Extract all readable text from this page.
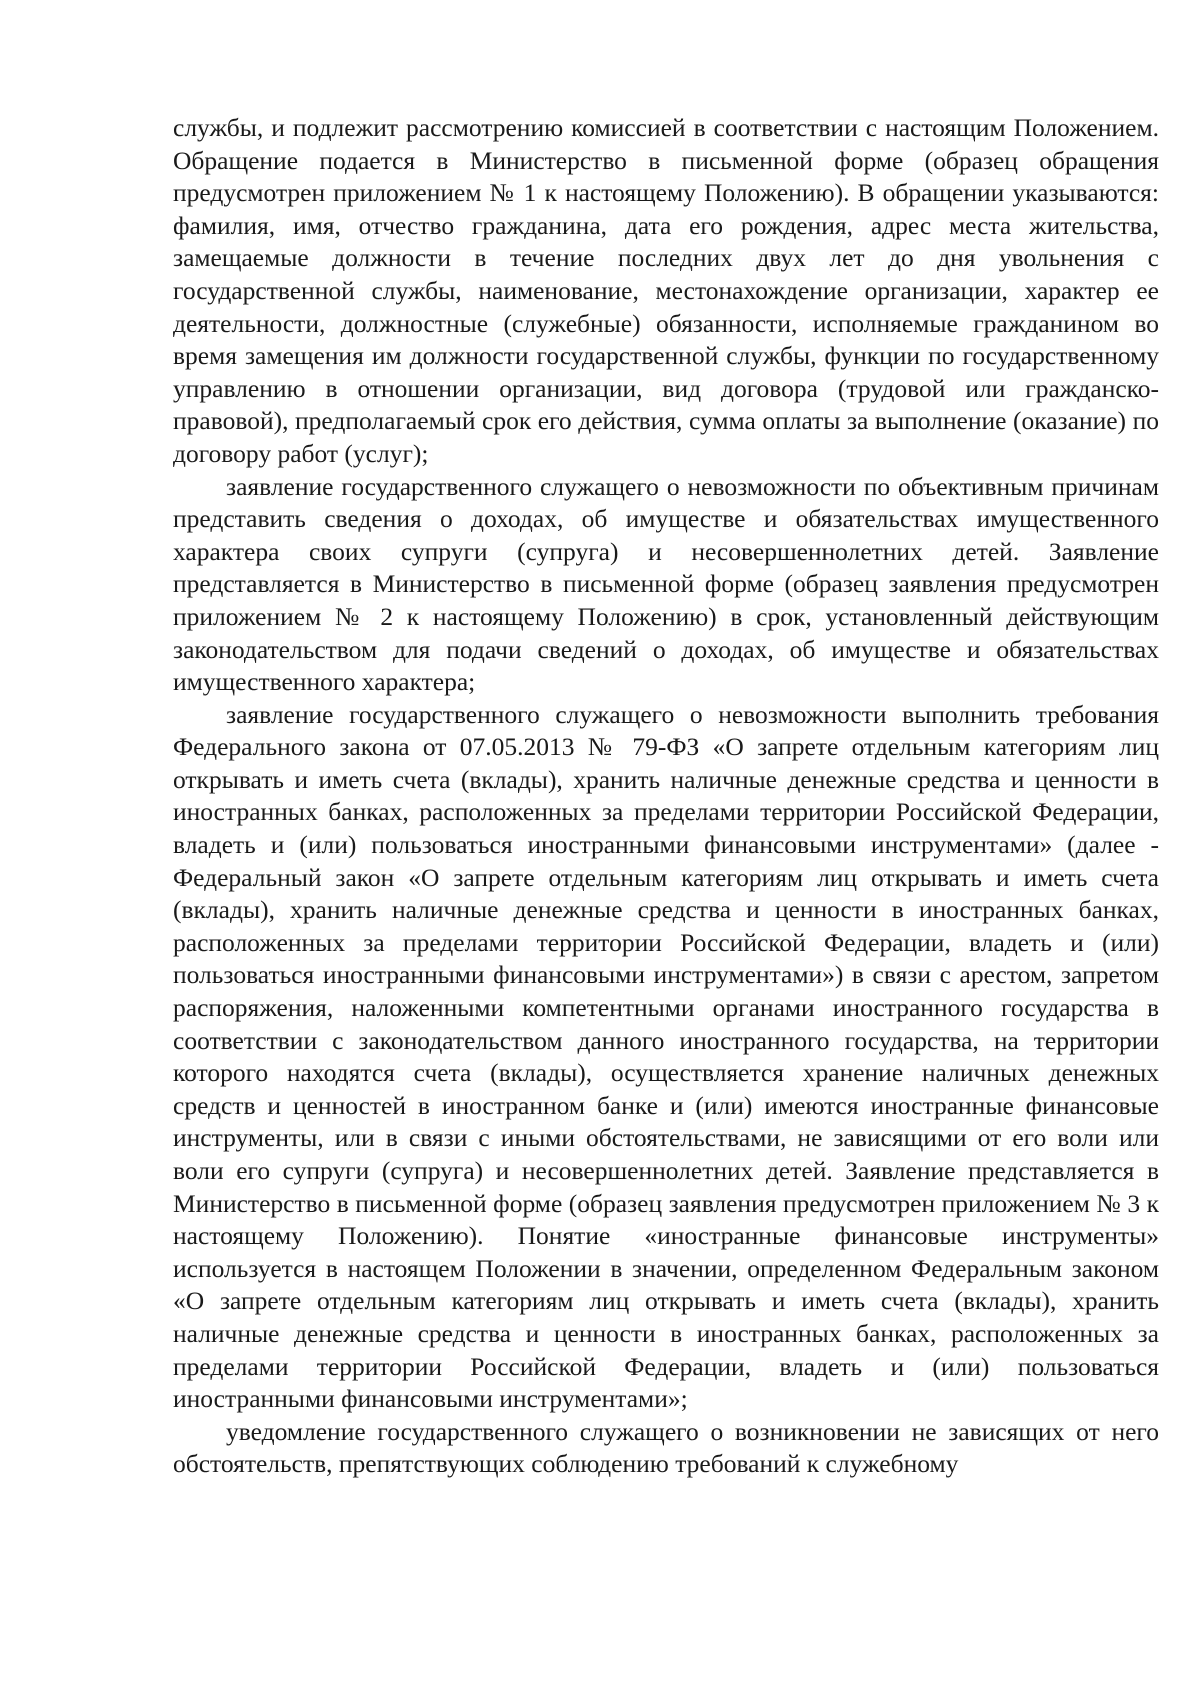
службы, и подлежит рассмотрению комиссией в соответствии с настоящим Положением. Обращение подается в Министерство в письменной форме (образец обращения предусмотрен приложением № 1 к настоящему Положению). В обращении указываются: фамилия, имя, отчество гражданина, дата его рождения, адрес места жительства, замещаемые должности в течение последних двух лет до дня увольнения с государственной службы, наименование, местонахождение организации, характер ее деятельности, должностные (служебные) обязанности, исполняемые гражданином во время замещения им должности государственной службы, функции по государственному управлению в отношении организации, вид договора (трудовой или гражданско-правовой), предполагаемый срок его действия, сумма оплаты за выполнение (оказание) по договору работ (услуг);

заявление государственного служащего о невозможности по объективным причинам представить сведения о доходах, об имуществе и обязательствах имущественного характера своих супруги (супруга) и несовершеннолетних детей. Заявление представляется в Министерство в письменной форме (образец заявления предусмотрен приложением № 2 к настоящему Положению) в срок, установленный действующим законодательством для подачи сведений о доходах, об имуществе и обязательствах имущественного характера;

заявление государственного служащего о невозможности выполнить требования Федерального закона от 07.05.2013 № 79-ФЗ «О запрете отдельным категориям лиц открывать и иметь счета (вклады), хранить наличные денежные средства и ценности в иностранных банках, расположенных за пределами территории Российской Федерации, владеть и (или) пользоваться иностранными финансовыми инструментами» (далее - Федеральный закон «О запрете отдельным категориям лиц открывать и иметь счета (вклады), хранить наличные денежные средства и ценности в иностранных банках, расположенных за пределами территории Российской Федерации, владеть и (или) пользоваться иностранными финансовыми инструментами») в связи с арестом, запретом распоряжения, наложенными компетентными органами иностранного государства в соответствии с законодательством данного иностранного государства, на территории которого находятся счета (вклады), осуществляется хранение наличных денежных средств и ценностей в иностранном банке и (или) имеются иностранные финансовые инструменты, или в связи с иными обстоятельствами, не зависящими от его воли или воли его супруги (супруга) и несовершеннолетних детей. Заявление представляется в Министерство в письменной форме (образец заявления предусмотрен приложением № 3 к настоящему Положению). Понятие «иностранные финансовые инструменты» используется в настоящем Положении в значении, определенном Федеральным законом «О запрете отдельным категориям лиц открывать и иметь счета (вклады), хранить наличные денежные средства и ценности в иностранных банках, расположенных за пределами территории Российской Федерации, владеть и (или) пользоваться иностранными финансовыми инструментами»;

уведомление государственного служащего о возникновении не зависящих от него обстоятельств, препятствующих соблюдению требований к служебному
